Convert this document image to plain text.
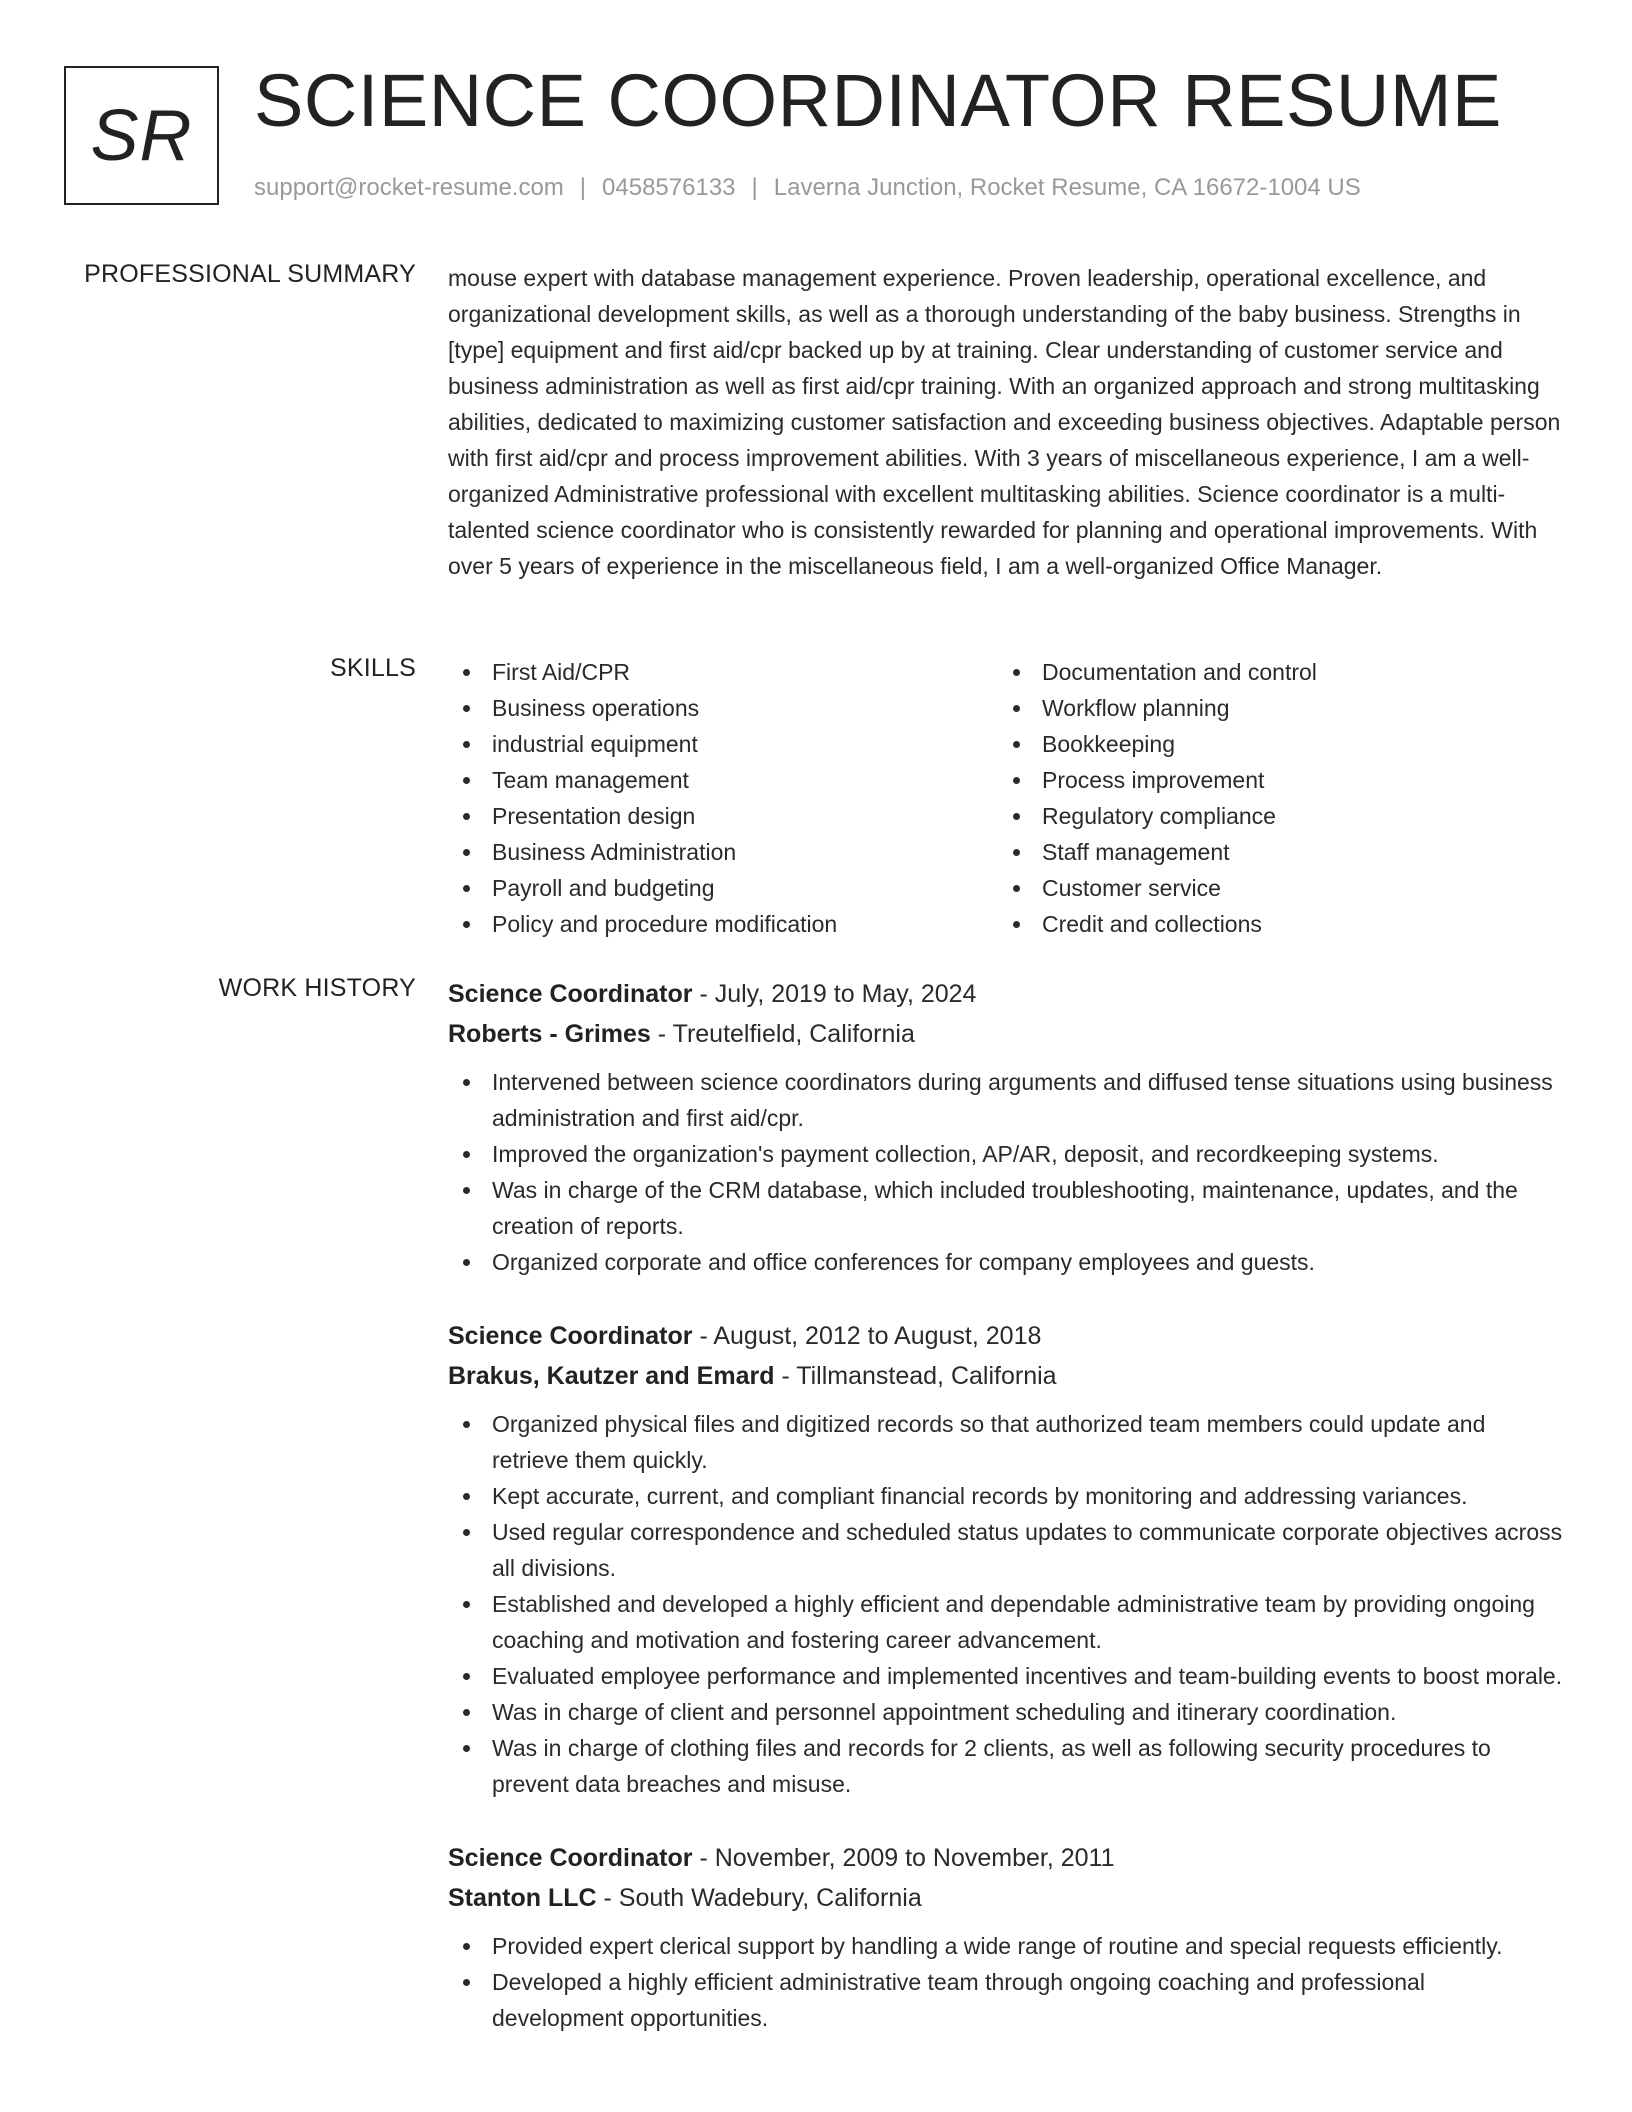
SR SCIENCE COORDINATOR RESUME
support@rocket-resume.com | 0458576133 | Laverna Junction, Rocket Resume, CA 16672-1004 US
PROFESSIONAL SUMMARY mouse expert with database management experience. Proven leadership, operational excellence, and organizational development skills, as well as a thorough understanding of the baby business. Strengths in [type] equipment and first aid/cpr backed up by at training. Clear understanding of customer service and business administration as well as first aid/cpr training. With an organized approach and strong multitasking abilities, dedicated to maximizing customer satisfaction and exceeding business objectives. Adaptable person with first aid/cpr and process improvement abilities. With 3 years of miscellaneous experience, I am a well-organized Administrative professional with excellent multitasking abilities. Science coordinator is a multi-talented science coordinator who is consistently rewarded for planning and operational improvements. With over 5 years of experience in the miscellaneous field, I am a well-organized Office Manager.

SKILLS	First Aid/CPR
Business operations
industrial equipment
Team management
Presentation design
Business Administration
Payroll and budgeting
Policy and procedure modification
Documentation and control
Workflow planning
Bookkeeping
Process improvement
Regulatory compliance
Staff management
Customer service
Credit and collections
WORK HISTORY Science Coordinator - July, 2019 to May, 2024
Roberts - Grimes - Treutelfield, California
Intervened between science coordinators during arguments and diffused tense situations using business administration and first aid/cpr.
Improved the organization's payment collection, AP/AR, deposit, and recordkeeping systems.
Was in charge of the CRM database, which included troubleshooting, maintenance, updates, and the creation of reports.
Organized corporate and office conferences for company employees and guests.
Science Coordinator - August, 2012 to August, 2018
Brakus, Kautzer and Emard - Tillmanstead, California
Organized physical files and digitized records so that authorized team members could update and retrieve them quickly.
Kept accurate, current, and compliant financial records by monitoring and addressing variances.
Used regular correspondence and scheduled status updates to communicate corporate objectives across all divisions.
Established and developed a highly efficient and dependable administrative team by providing ongoing coaching and motivation and fostering career advancement.
Evaluated employee performance and implemented incentives and team-building events to boost morale.
Was in charge of client and personnel appointment scheduling and itinerary coordination.
Was in charge of clothing files and records for 2 clients, as well as following security procedures to prevent data breaches and misuse.
Science Coordinator - November, 2009 to November, 2011
Stanton LLC - South Wadebury, California
Provided expert clerical support by handling a wide range of routine and special requests efficiently.
Developed a highly efficient administrative team through ongoing coaching and professional development opportunities.
